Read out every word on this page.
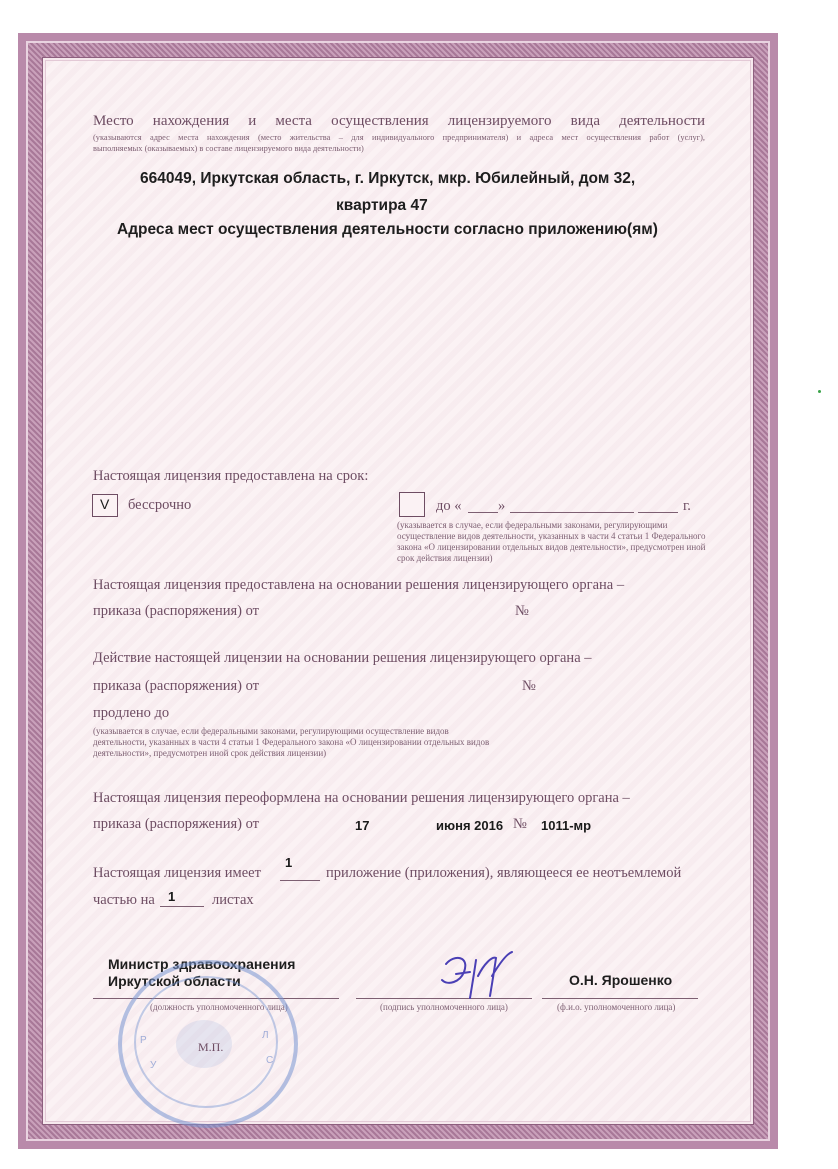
Место нахождения и места осуществления лицензируемого вида деятельности
(указываются адрес места нахождения (место жительства – для индивидуального предпринимателя) и адреса мест осуществления работ (услуг),
выполняемых (оказываемых) в составе лицензируемого вида деятельности)
664049, Иркутская область, г. Иркутск, мкр. Юбилейный, дом 32,
квартира 47
Адреса мест осуществления деятельности согласно приложению(ям)
Настоящая лицензия предоставлена на срок:
V бессрочно	до «	»	г.
(указывается в случае, если федеральными законами, регулирующими осуществление видов деятельности, указанных в части 4 статьи 1 Федерального закона «О лицензировании отдельных видов деятельности», предусмотрен иной срок действия лицензии)
Настоящая лицензия предоставлена на основании решения лицензирующего органа –
приказа (распоряжения) от	№
Действие настоящей лицензии на основании решения лицензирующего органа –
приказа (распоряжения) от	№
продлено до
(указывается в случае, если федеральными законами, регулирующими осуществление видов деятельности, указанных в части 4 статьи 1 Федерального закона «О лицензировании отдельных видов деятельности», предусмотрен иной срок действия лицензии)
Настоящая лицензия переоформлена на основании решения лицензирующего органа –
приказа (распоряжения) от	17	июня 2016 № 1011-мр
Настоящая лицензия имеет
1
приложение (приложения), являющееся ее неотъемлемой
частью на 1	листах
Министр здравоохранения
Иркутской области
(должность уполномоченного лица)	(подпись уполномоченного лица)
О.Н. Ярошенко
(ф.и.о. уполномоченного лица)
Р
У
Л
С
М.П.
